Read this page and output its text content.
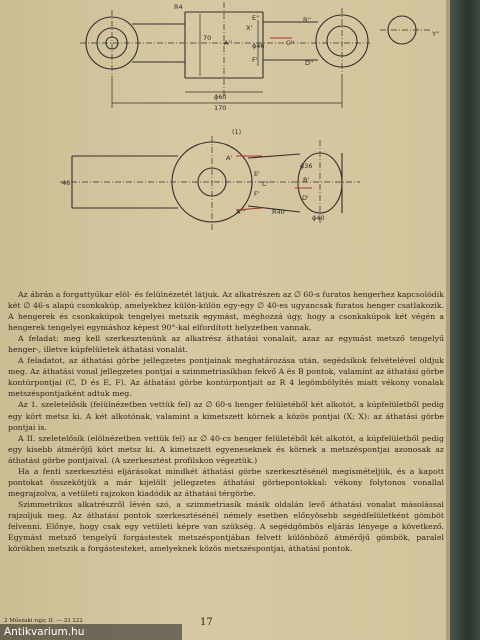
R4
70
ϕ46
ϕ60
170
X'
E''
A''
F'
C''
B''
D''
Y''
(1)
46
ϕ36
ϕ40
R40
A'
A'''
E'
C'
F'
B'
D'

Az ábrán a forgattyúkar elöl- és felülnézetét látjuk. Az alkatrészen az ∅ 60-s furatos hengerhez kapcsolódik két ∅ 46-s alapú csonkakúp, amelyekhez külön-külön egy-egy ∅ 40-es ugyancsak furatos henger csatlakozik. A hengerek és csonkakúpok tengelyei metszik egymást, méghozzá úgy, hogy a csonkakúpok két végén a hengerek tengelyei egymáshoz képest 90°-kal elfordított helyzetben vannak.

A feladat: meg kell szerkesztenünk az alkatrész áthatási vonalait, azaz az egymást metsző tengelyű henger-, illetve kúpfelületek áthatási vonalát.

A feladatot, az áthatási görbe jellegzetes pontjainak meghatározása után, segédsíkok felvételével oldjuk meg. Az áthatási vonal jellegzetes pontjai a szimmetriasíkban fekvő A és B pontok, valamint az áthatási görbe kontúrpontjai (C, D és E, F). Az áthatási görbe kontúrpontjait az R 4 legömbölyítés miatt vékony vonalak metszéspontjaiként adtuk meg.

Az 1. szeletelősík (felülnézetben vettük fel) az ∅ 60-s henger felületéből két alkotót, a kúpfelületből pedig egy kört metsz ki. A két alkotónak, valamint a kimetszett körnek a közös pontjai (X; X): az áthatási görbe pontjai is.

A II. szeletelősík (elölnézetben vettük fel) az ∅ 40-cs henger felületéből két alkotót, a kúpfelületből pedig egy kisebb átmérőjű kört metsz ki. A kimetszett egyeneseknek és körnek a metszéspontjai azonosak az áthatási görbe pontjaival. (A szerkesztést profilskon végeztük.)

Ha a fenti szerkesztési eljárásokat mindkét áthatási görbe szerkesztésénél megismételjük, és a kapott pontokat összekötjük a már kijelölt jellegzetes áthatási görbepontokkal: vékony folytonos vonallal megrajzolva, a vetületi rajzokon kiadódik az áthatási térgörbe.

Szimmetrikus alkatrészről lévén szó, a szimmetriasík másik oldalán levő áthatási vonalat másolással rajzoljuk meg. Az áthatási pontok szerkesztésénél némely esetben előnyösebb segédfelületként gömböt felvenni. Előnye, hogy csak egy vetületi képre van szükség. A segédgömbös eljárás lényege a következő. Egymást metsző tengelyű forgástestek metszéspontjában felvett különböző átmérőjű gömbök, paralel körökben metszik a forgástesteket, amelyeknek közös metszéspontjai, áthatási pontok.

2 Műszaki rajz; II. — 33 222	17
Antikvarium.hu
